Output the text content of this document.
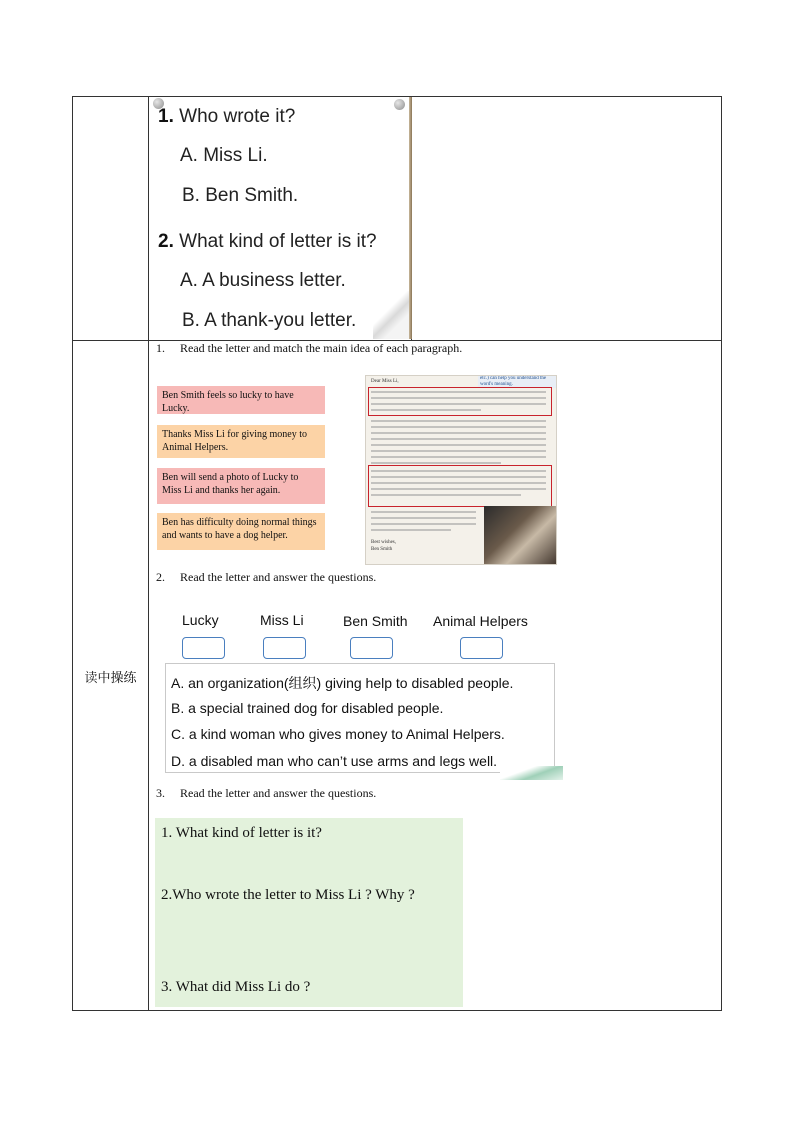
读中操练
1. Who wrote it?
A. Miss Li.
B. Ben Smith.
2. What kind of letter is it?
A. A business letter.
B. A thank-you letter.
1. Read the letter and match the main idea of each paragraph.
Ben Smith feels so lucky to have Lucky.
Thanks Miss Li for giving money to Animal Helpers.
Ben will send a photo of Lucky to Miss Li and thanks her again.
Ben has difficulty doing normal things and wants to have a dog helper.
Dear Miss Li,
etc.) can help you understand the word's meaning.
Best wishes,
Ben Smith
2. Read the letter and answer the questions.
Lucky	Miss Li	Ben Smith Animal Helpers
A. an organization(组织) giving help to disabled people.
B. a special trained dog for disabled people.
C. a kind woman who gives money to Animal Helpers.
D. a disabled man who can’t use arms and legs well.
3. Read the letter and answer the questions.
1. What kind of letter is it?
2.Who wrote the letter to Miss Li ? Why ?
3. What did Miss Li do ?
